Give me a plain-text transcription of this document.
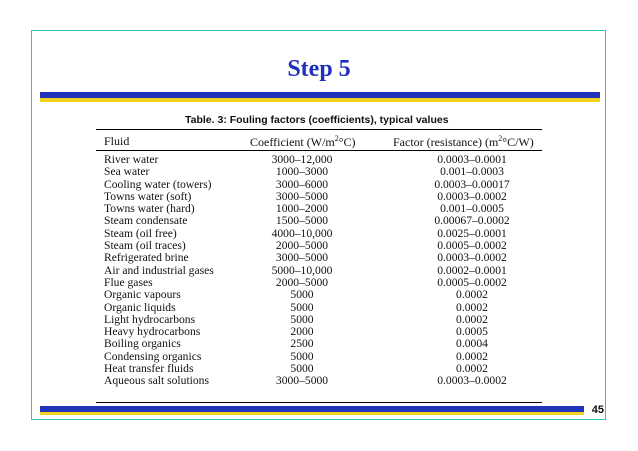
Step 5
Table. 3: Fouling factors (coefficients), typical values
Fluid	Coefficient $(W/m^2^\circ C)$	Factor (resistance) $(m^2^\circ C/W)$
River water	3000–12,000	0.0003–0.0001
Sea water	1000–3000	0.001–0.0003
Cooling water (towers)	3000–6000	0.0003–0.00017
Towns water (soft)	3000–5000	0.0003–0.0002
Towns water (hard)	1000–2000	0.001–0.0005
Steam condensate	1500–5000	0.00067–0.0002
Steam (oil free)	4000–10,000	0.0025–0.0001
Steam (oil traces)	2000–5000	0.0005–0.0002
Refrigerated brine	3000–5000	0.0003–0.0002
Air and industrial gases	5000–10,000	0.0002–0.0001
Flue gases	2000–5000	0.0005–0.0002
Organic vapours	5000	0.0002
Organic liquids	5000	0.0002
Light hydrocarbons	5000	0.0002
Heavy hydrocarbons	2000	0.0005
Boiling organics	2500	0.0004
Condensing organics	5000	0.0002
Heat transfer fluids	5000	0.0002
Aqueous salt solutions	3000–5000	0.0003–0.0002
45
